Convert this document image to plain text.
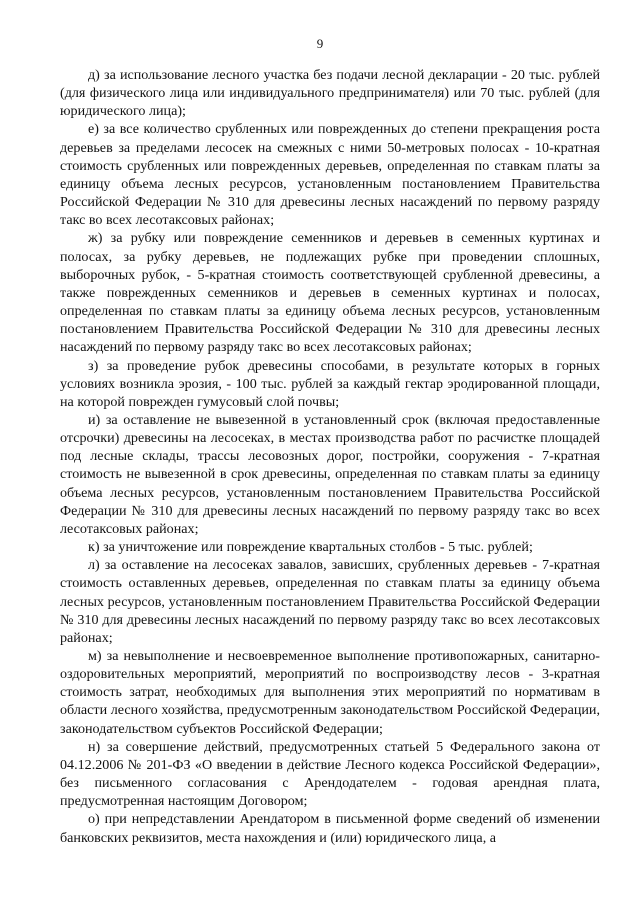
9

д) за использование лесного участка без подачи лесной декларации - 20 тыс. рублей (для физического лица или индивидуального предпринимателя) или 70 тыс. рублей (для юридического лица);

е) за все количество срубленных или поврежденных до степени прекращения роста деревьев за пределами лесосек на смежных с ними 50-метровых полосах - 10-кратная стоимость срубленных или поврежденных деревьев, определенная по ставкам платы за единицу объема лесных ресурсов, установленным постановлением Правительства Российской Федерации № 310 для древесины лесных насаждений по первому разряду такс во всех лесотаксовых районах;

ж) за рубку или повреждение семенников и деревьев в семенных куртинах и полосах, за рубку деревьев, не подлежащих рубке при проведении сплошных, выборочных рубок, - 5-кратная стоимость соответствующей срубленной древесины, а также поврежденных семенников и деревьев в семенных куртинах и полосах, определенная по ставкам платы за единицу объема лесных ресурсов, установленным постановлением Правительства Российской Федерации № 310 для древесины лесных насаждений по первому разряду такс во всех лесотаксовых районах;

з) за проведение рубок древесины способами, в результате которых в горных условиях возникла эрозия, - 100 тыс. рублей за каждый гектар эродированной площади, на которой поврежден гумусовый слой почвы;

и) за оставление не вывезенной в установленный срок (включая предоставленные отсрочки) древесины на лесосеках, в местах производства работ по расчистке площадей под лесные склады, трассы лесовозных дорог, постройки, сооружения - 7-кратная стоимость не вывезенной в срок древесины, определенная по ставкам платы за единицу объема лесных ресурсов, установленным постановлением Правительства Российской Федерации № 310 для древесины лесных насаждений по первому разряду такс во всех лесотаксовых районах;

к) за уничтожение или повреждение квартальных столбов - 5 тыс. рублей;

л) за оставление на лесосеках завалов, зависших, срубленных деревьев - 7-кратная стоимость оставленных деревьев, определенная по ставкам платы за единицу объема лесных ресурсов, установленным постановлением Правительства Российской Федерации № 310 для древесины лесных насаждений по первому разряду такс во всех лесотаксовых районах;

м) за невыполнение и несвоевременное выполнение противопожарных, санитарно-оздоровительных мероприятий, мероприятий по воспроизводству лесов - 3-кратная стоимость затрат, необходимых для выполнения этих мероприятий по нормативам в области лесного хозяйства, предусмотренным законодательством Российской Федерации, законодательством субъектов Российской Федерации;

н) за совершение действий, предусмотренных статьей 5 Федерального закона от 04.12.2006 № 201-ФЗ «О введении в действие Лесного кодекса Российской Федерации», без письменного согласования с Арендодателем - годовая арендная плата, предусмотренная настоящим Договором;

о) при непредставлении Арендатором в письменной форме сведений об изменении банковских реквизитов, места нахождения и (или) юридического лица, а
